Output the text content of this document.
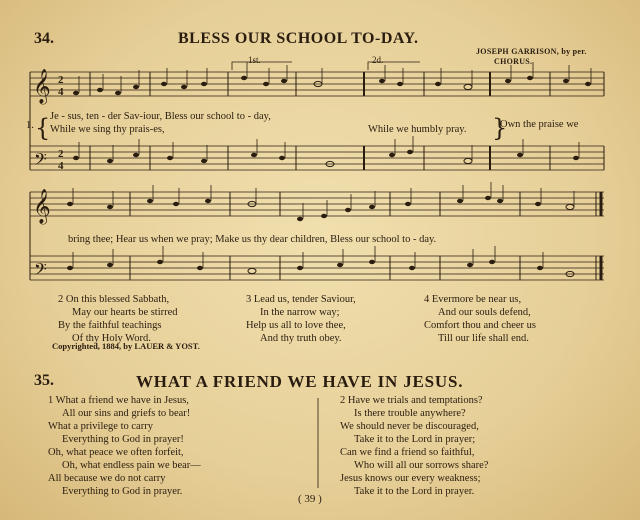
34.	BLESS OUR SCHOOL TO-DAY.
JOSEPH GARRISON, by per.
𝄞
𝄢
𝄞
𝄢
2
4
2
4
{	}
1st.	2d.	CHORUS.
1.
Je - sus, ten - der Sav-iour, Bless our school to - day,
While we sing thy prais-es,	While we humbly pray.	Own the praise we
bring thee; Hear us when we pray; Make us thy dear children, Bless our school to - day.
2 On this blessed Sabbath,
May our hearts be stirred
By the faithful teachings
Of thy Holy Word.
3 Lead us, tender Saviour,
In the narrow way;
Help us all to love thee,
And thy truth obey.
4 Evermore be near us,
And our souls defend,
Comfort thou and cheer us
Till our life shall end.
Copyrighted, 1884, by LAUER & YOST.
35.	WHAT A FRIEND WE HAVE IN JESUS.
1 What a friend we have in Jesus,
All our sins and griefs to bear!
What a privilege to carry
Everything to God in prayer!
Oh, what peace we often forfeit,
Oh, what endless pain we bear—
All because we do not carry
Everything to God in prayer.
2 Have we trials and temptations?
Is there trouble anywhere?
We should never be discouraged,
Take it to the Lord in prayer;
Can we find a friend so faithful,
Who will all our sorrows share?
Jesus knows our every weakness;
Take it to the Lord in prayer.
( 39 )
